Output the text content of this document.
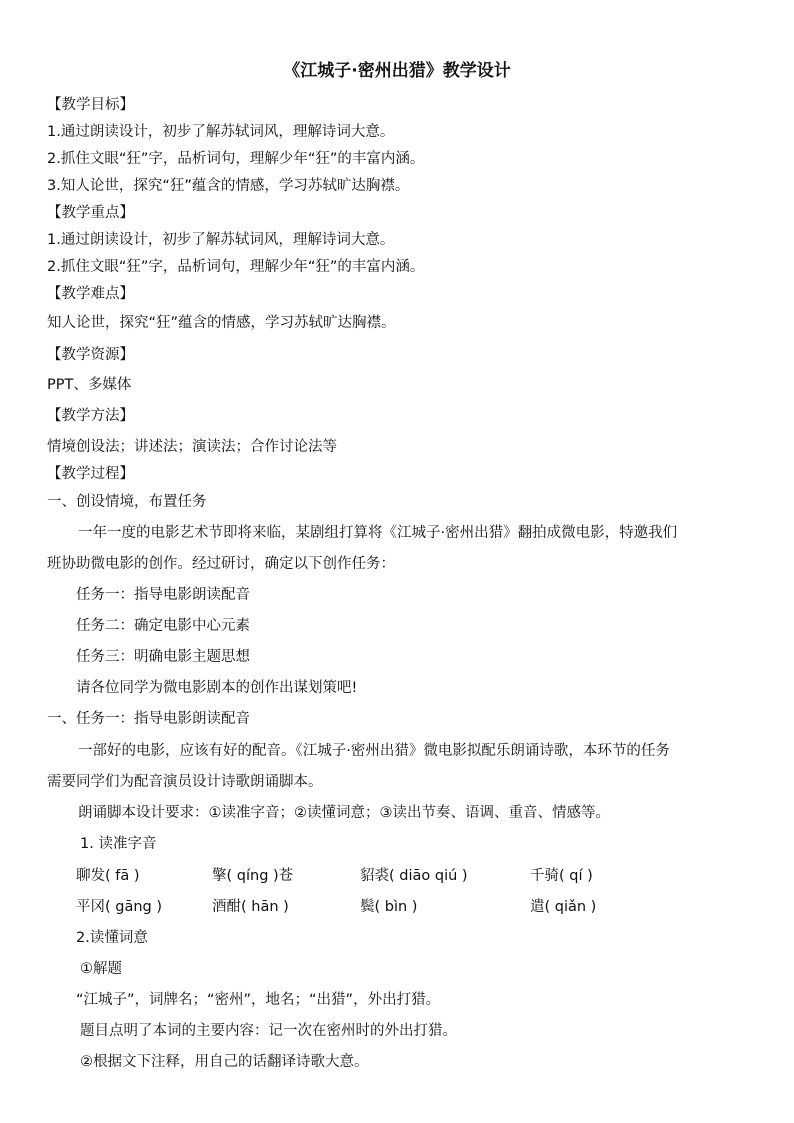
《江城子·密州出猎》教学设计
【教学目标】
1.通过朗读设计，初步了解苏轼词风，理解诗词大意。
2.抓住文眼“狂”字，品析词句，理解少年“狂”的丰富内涵。
3.知人论世，探究“狂”蕴含的情感，学习苏轼旷达胸襟。
【教学重点】
1.通过朗读设计，初步了解苏轼词风，理解诗词大意。
2.抓住文眼“狂”字，品析词句，理解少年“狂”的丰富内涵。
【教学难点】
知人论世，探究“狂”蕴含的情感，学习苏轼旷达胸襟。
【教学资源】
PPT、多媒体
【教学方法】
情境创设法；讲述法；演读法；合作讨论法等
【教学过程】
一、创设情境，布置任务
一年一度的电影艺术节即将来临，某剧组打算将《江城子·密州出猎》翻拍成微电影，特邀我们
班协助微电影的创作。经过研讨，确定以下创作任务：
任务一：指导电影朗读配音
任务二：确定电影中心元素
任务三：明确电影主题思想
请各位同学为微电影剧本的创作出谋划策吧!
一、任务一：指导电影朗读配音
一部好的电影，应该有好的配音。《江城子·密州出猎》微电影拟配乐朗诵诗歌，本环节的任务
需要同学们为配音演员设计诗歌朗诵脚本。
朗诵脚本设计要求：①读准字音；②读懂词意；③读出节奏、语调、重音、情感等。
1. 读准字音
聊发( fā )	擎( qíng )苍	貂裘( diāo qiú )	千骑( qí )
平冈( gāng )	酒酣( hān )	鬓( bìn )	遣( qiǎn )
2.读懂词意
①解题
“江城子”，词牌名；“密州”，地名；“出猎”，外出打猎。
题目点明了本词的主要内容：记一次在密州时的外出打猎。
②根据文下注释，用自己的话翻译诗歌大意。
